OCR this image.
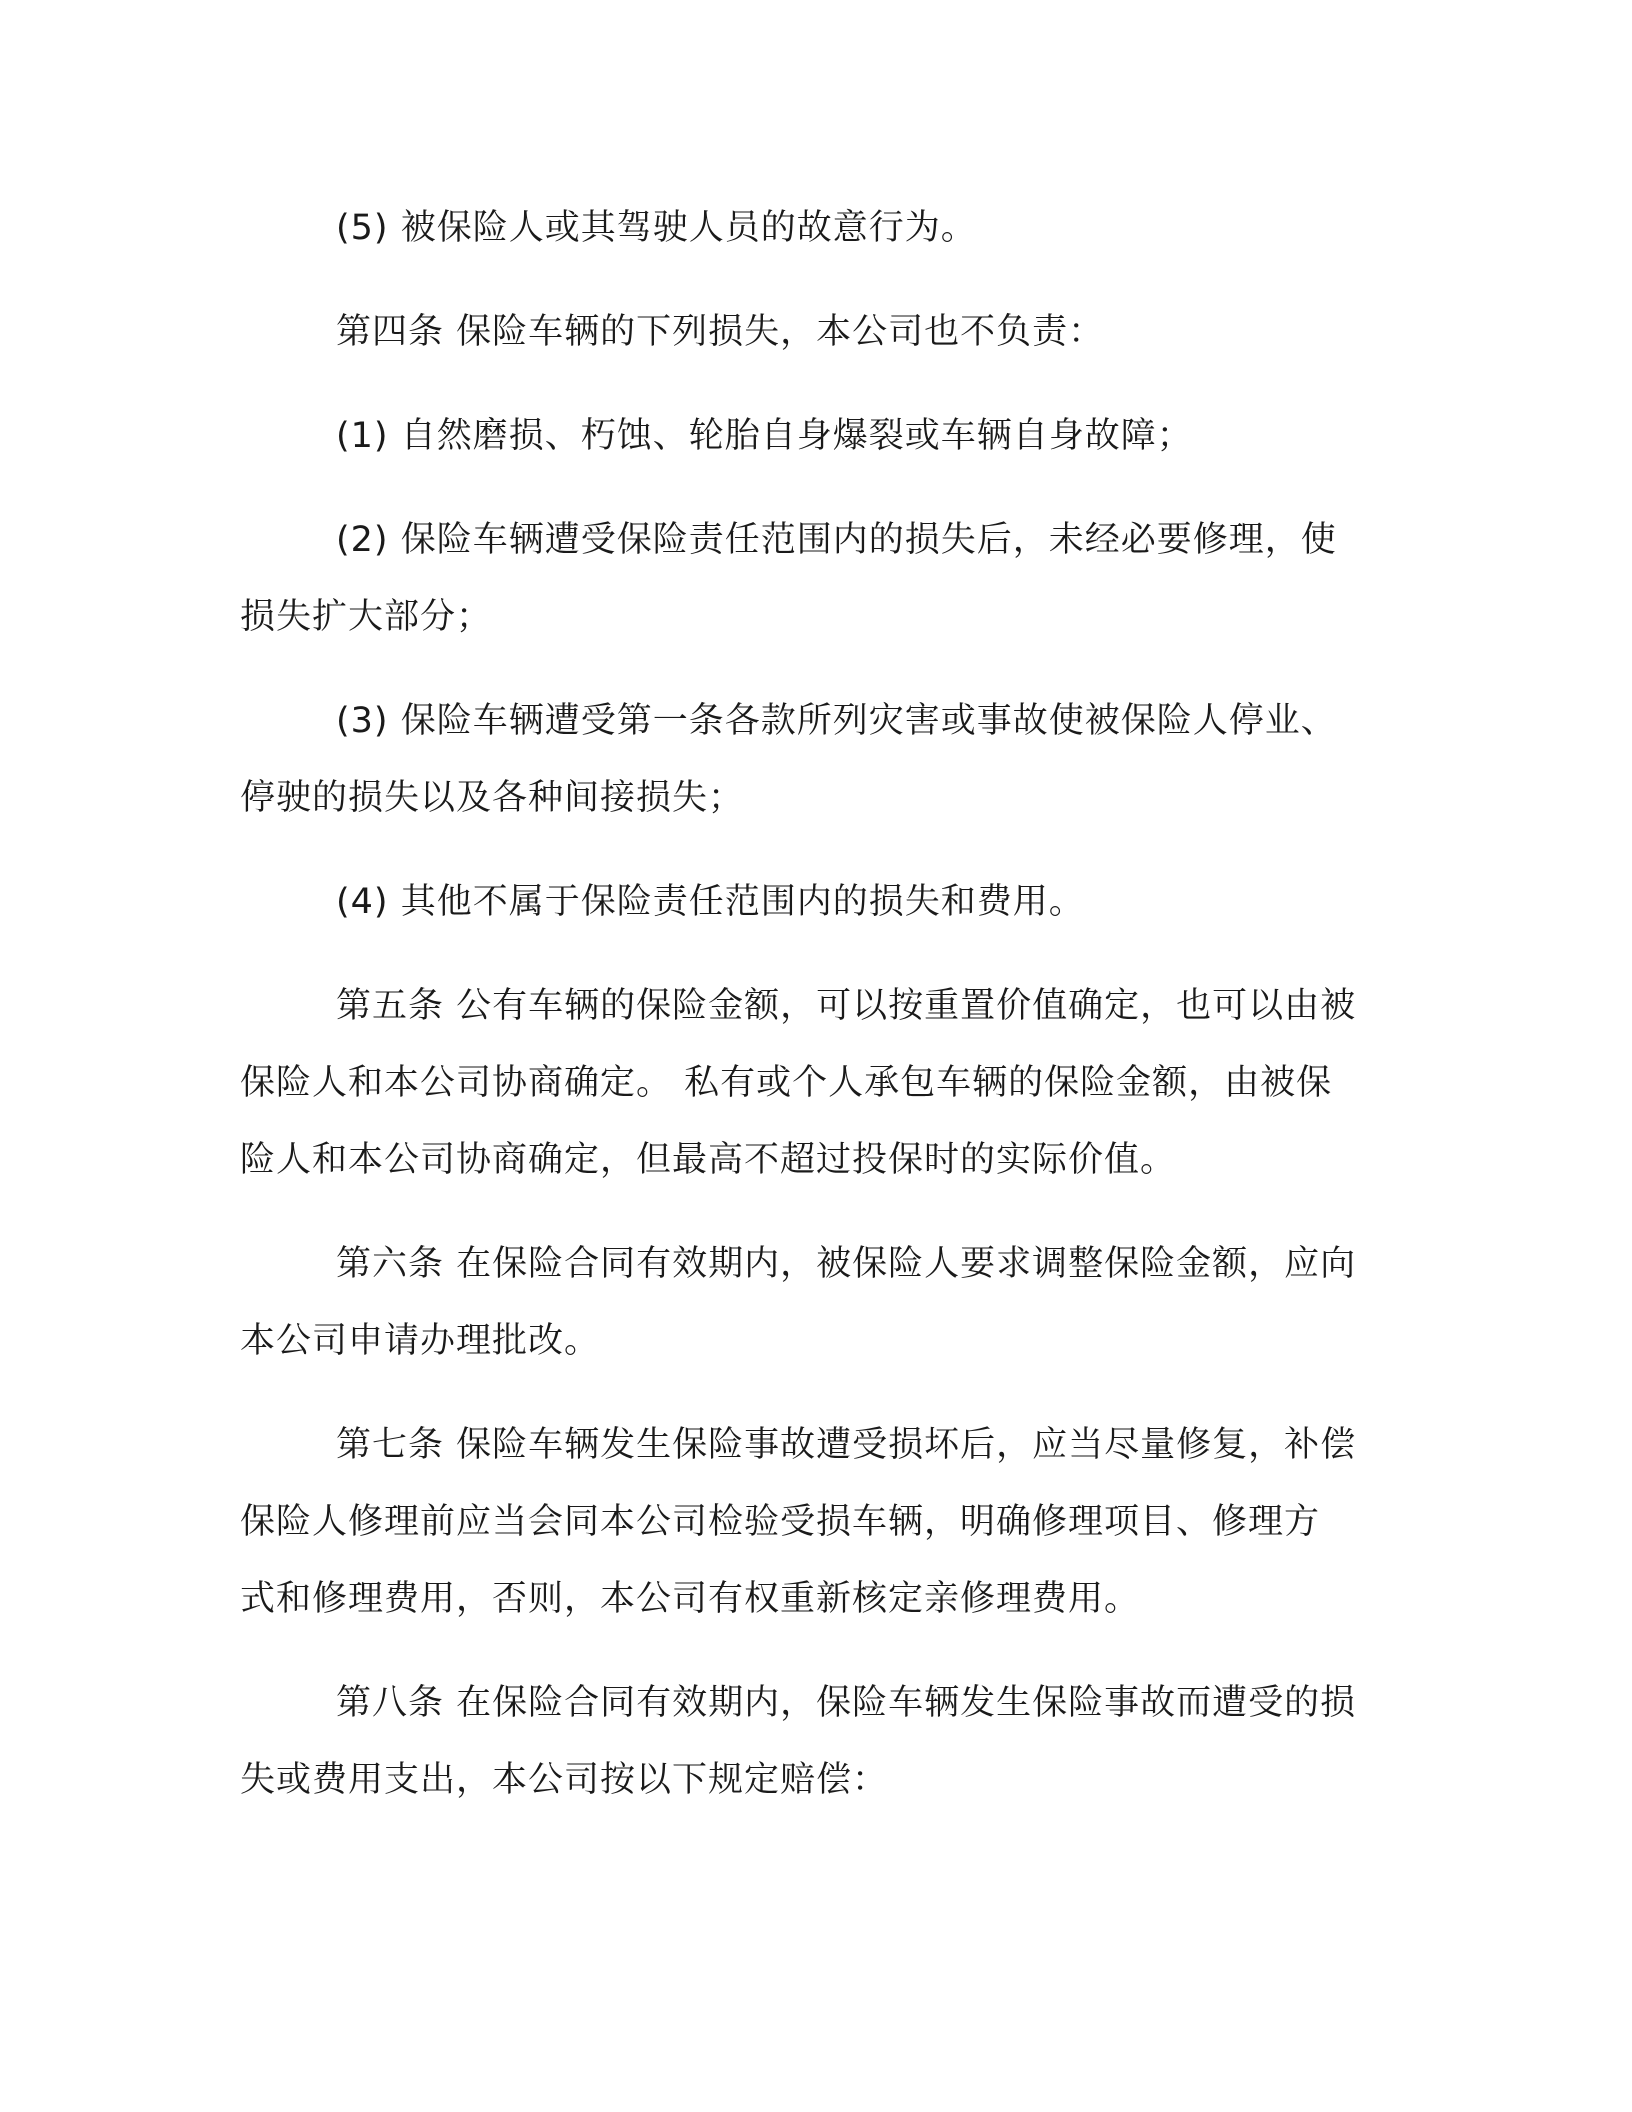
(5) 被保险人或其驾驶人员的故意行为。

第四条 保险车辆的下列损失，本公司也不负责：

(1) 自然磨损、朽蚀、轮胎自身爆裂或车辆自身故障；

(2) 保险车辆遭受保险责任范围内的损失后，未经必要修理，使
损失扩大部分；

(3) 保险车辆遭受第一条各款所列灾害或事故使被保险人停业、
停驶的损失以及各种间接损失；

(4) 其他不属于保险责任范围内的损失和费用。

第五条 公有车辆的保险金额，可以按重置价值确定，也可以由被
保险人和本公司协商确定。 私有或个人承包车辆的保险金额，由被保
险人和本公司协商确定，但最高不超过投保时的实际价值。

第六条 在保险合同有效期内，被保险人要求调整保险金额，应向
本公司申请办理批改。

第七条 保险车辆发生保险事故遭受损坏后，应当尽量修复，补偿
保险人修理前应当会同本公司检验受损车辆，明确修理项目、修理方
式和修理费用，否则，本公司有权重新核定亲修理费用。

第八条 在保险合同有效期内，保险车辆发生保险事故而遭受的损
失或费用支出，本公司按以下规定赔偿：
